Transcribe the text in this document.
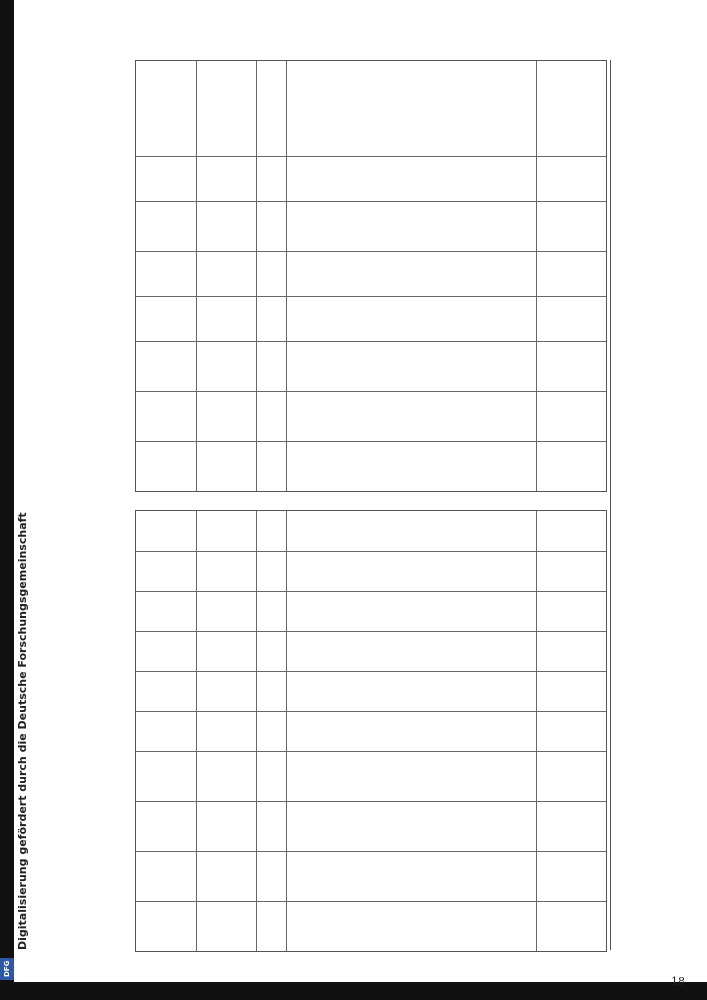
Digitalisierung gefördert durch die Deutsche Forschungsgemeinschaft
DFG
18
